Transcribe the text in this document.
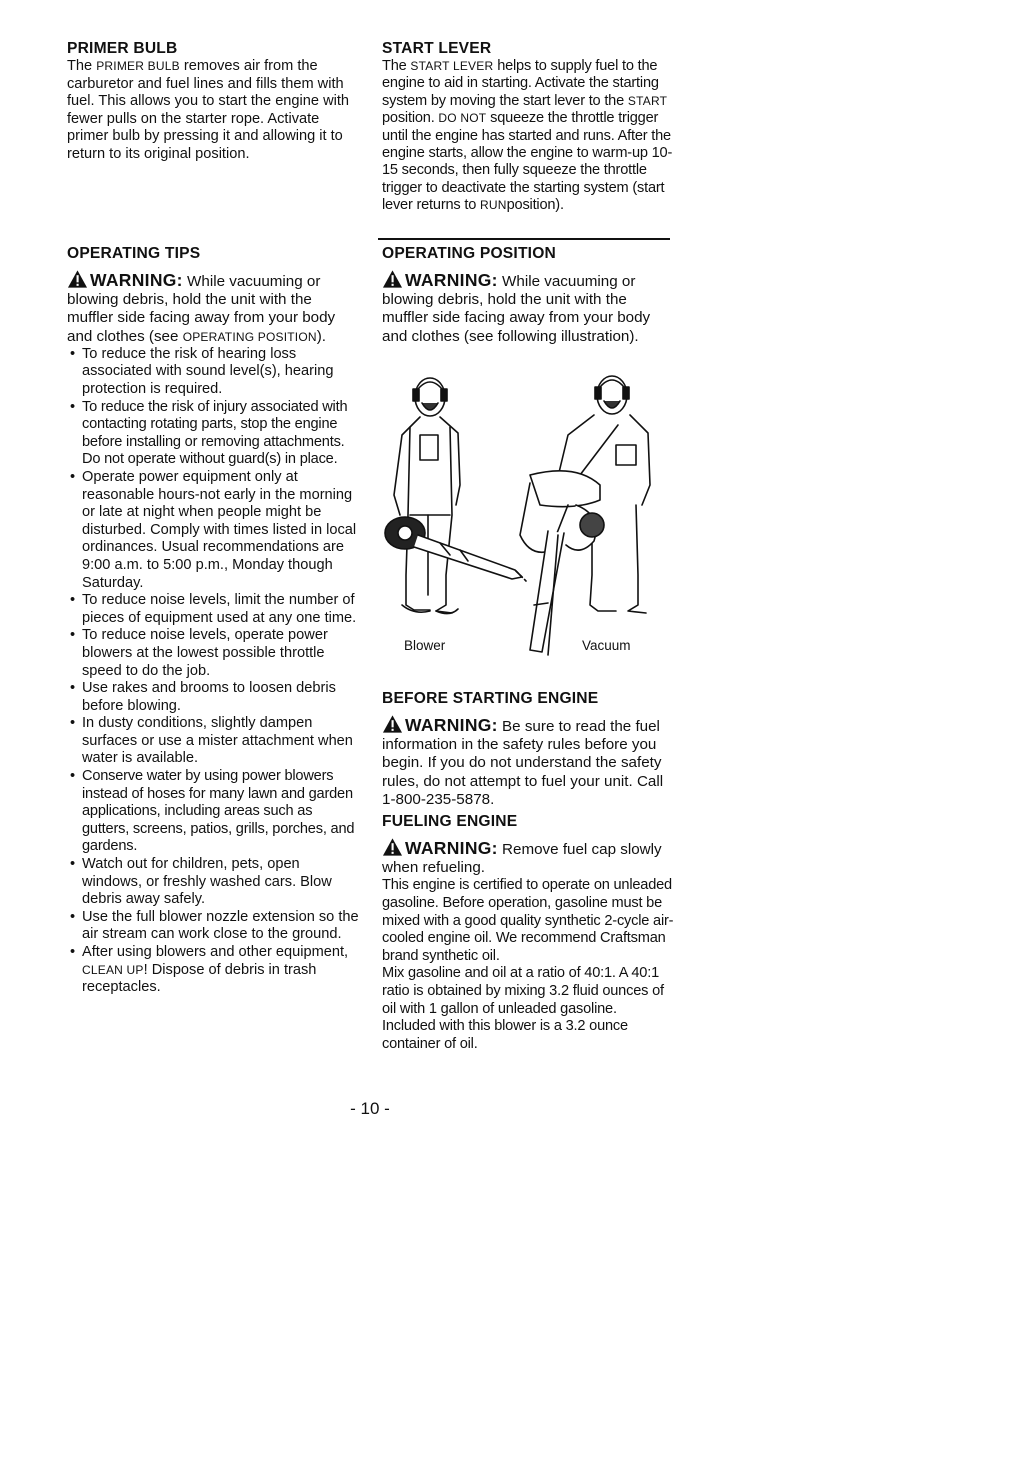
PRIMER BULB

The PRIMER BULB removes air from the carburetor and fuel lines and fills them with fuel. This allows you to start the engine with fewer pulls on the starter rope. Activate primer bulb by pressing it and allowing it to return to its original position.

START LEVER

The START LEVER helps to supply fuel to the engine to aid in starting. Activate the starting system by moving the start lever to the START position. DO NOT squeeze the throttle trigger until the engine has started and runs. After the engine starts, allow the engine to warm-up 10-15 seconds, then fully squeeze the throttle trigger to deactivate the starting system (start lever returns to RUNposition).

OPERATING TIPS

WARNING: While vacuuming or blowing debris, hold the unit with the muffler side facing away from your body and clothes (see OPERATING POSITION).

• To reduce the risk of hearing loss associated with sound level(s), hearing protection is required.
• To reduce the risk of injury associated with contacting rotating parts, stop the engine before installing or removing attachments. Do not operate without guard(s) in place.
• Operate power equipment only at reasonable hours-not early in the morning or late at night when people might be disturbed. Comply with times listed in local ordinances. Usual recommendations are 9:00 a.m. to 5:00 p.m., Monday though Saturday.
• To reduce noise levels, limit the number of pieces of equipment used at any one time.
• To reduce noise levels, operate power blowers at the lowest possible throttle speed to do the job.
• Use rakes and brooms to loosen debris before blowing.
• In dusty conditions, slightly dampen surfaces or use a mister attachment when water is available.
• Conserve water by using power blowers instead of hoses for many lawn and garden applications, including areas such as gutters, screens, patios, grills, porches, and gardens.
• Watch out for children, pets, open windows, or freshly washed cars. Blow debris away safely.
• Use the full blower nozzle extension so the air stream can work close to the ground.
• After using blowers and other equipment, CLEAN UP! Dispose of debris in trash receptacles.
OPERATING POSITION

WARNING: While vacuuming or blowing debris, hold the unit with the muffler side facing away from your body and clothes (see following illustration).

Blower	Vacuum
BEFORE STARTING ENGINE

WARNING: Be sure to read the fuel information in the safety rules before you begin. If you do not understand the safety rules, do not attempt to fuel your unit. Call 1-800-235-5878.

FUELING ENGINE

WARNING: Remove fuel cap slowly when refueling.

This engine is certified to operate on unleaded gasoline. Before operation, gasoline must be mixed with a good quality synthetic 2-cycle air-cooled engine oil. We recommend Craftsman brand synthetic oil.

Mix gasoline and oil at a ratio of 40:1. A 40:1 ratio is obtained by mixing 3.2 fluid ounces of oil with 1 gallon of unleaded gasoline. Included with this blower is a 3.2 ounce container of oil.

- 10 -
